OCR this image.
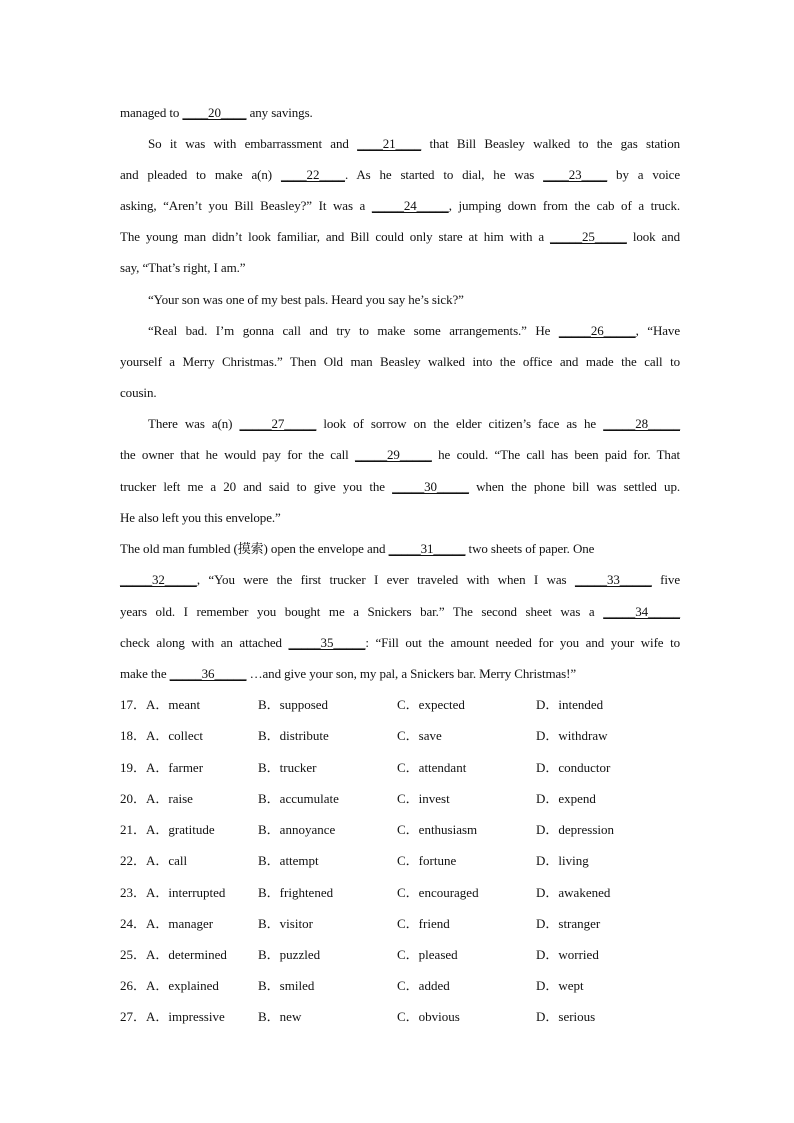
managed to ____20____ any savings.
So it was with embarrassment and ____21____ that Bill Beasley walked to the gas station
and pleaded to make a(n) ____22____. As he started to dial, he was ____23____ by a voice
asking, “Aren’t you Bill Beasley?” It was a _____24_____, jumping down from the cab of a truck.
The young man didn’t look familiar, and Bill could only stare at him with a _____25_____ look and
say, “That’s right, I am.”
“Your son was one of my best pals. Heard you say he’s sick?”
“Real bad. I’m gonna call and try to make some arrangements.” He _____26_____, “Have
yourself a Merry Christmas.” Then Old man Beasley walked into the office and made the call to
cousin.
There was a(n) _____27_____ look of sorrow on the elder citizen’s face as he _____28_____
the owner that he would pay for the call _____29_____ he could. “The call has been paid for. That
trucker left me a 20 and said to give you the _____30_____ when the phone bill was settled up.
He also left you this envelope.”
The old man fumbled (摸索) open the envelope and _____31_____ two sheets of paper. One
_____32_____, “You were the first trucker I ever traveled with when I was _____33_____ five
years old. I remember you bought me a Snickers bar.” The second sheet was a _____34_____
check along with an attached _____35_____: “Fill out the amount needed for you and your wife to
make the _____36_____ …and give your son, my pal, a Snickers bar. Merry Christmas!”
17．A．meant	B．supposed	C．expected	D．intended
18．A．collect	B．distribute	C．save	D．withdraw
19．A．farmer	B．trucker	C．attendant	D．conductor
20．A．raise	B．accumulate	C．invest	D．expend
21．A．gratitude	B．annoyance	C．enthusiasm	D．depression
22．A．call	B．attempt	C．fortune	D．living
23．A．interrupted	B．frightened	C．encouraged	D．awakened
24．A．manager	B．visitor	C．friend	D．stranger
25．A．determined B．puzzled	C．pleased	D．worried
26．A．explained	B．smiled	C．added	D．wept
27．A．impressive	B．new	C．obvious	D．serious
